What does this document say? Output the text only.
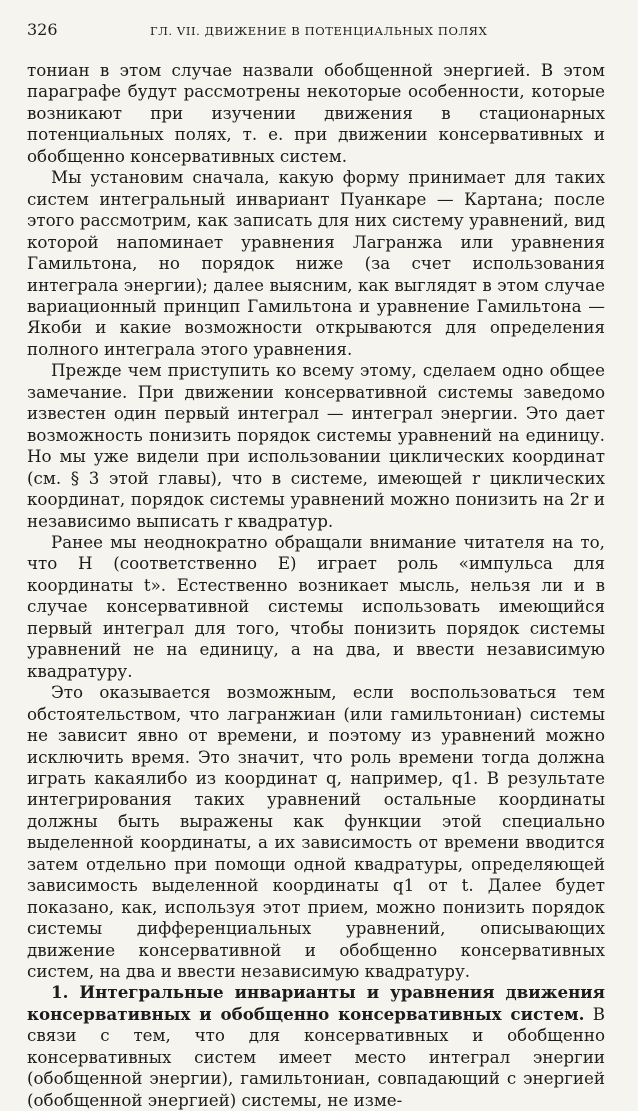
326	ГЛ. VII. ДВИЖЕНИЕ В ПОТЕНЦИАЛЬНЫХ ПОЛЯХ

тониан в этом случае назвали обобщенной энергией. В этом параграфе будут рассмотрены некоторые особенности, которые возникают при изучении движения в стационарных потенциальных полях, т. е. при движении консервативных и обобщенно консервативных систем.

Мы установим сначала, какую форму принимает для таких систем интегральный инвариант Пуанкаре — Картана; после этого рассмотрим, как записать для них систему уравнений, вид которой напоминает уравнения Лагранжа или уравнения Гамильтона, но порядок ниже (за счет использования интеграла энергии); далее выясним, как выглядят в этом случае вариационный принцип Гамильтона и уравнение Гамильтона — Якоби и какие возможности открываются для определения полного интеграла этого уравнения.

Прежде чем приступить ко всему этому, сделаем одно общее замечание. При движении консервативной системы заведомо известен один первый интеграл — интеграл энергии. Это дает возможность понизить порядок системы уравнений на единицу. Но мы уже видели при использовании циклических координат (см. § 3 этой главы), что в системе, имеющей r циклических координат, порядок системы уравнений можно понизить на 2r и независимо выписать r квадратур.

Ранее мы неоднократно обращали внимание читателя на то, что H (соответственно E) играет роль «импульса для координаты t». Естественно возникает мысль, нельзя ли и в случае консервативной системы использовать имеющийся первый интеграл для того, чтобы понизить порядок системы уравнений не на единицу, а на два, и ввести независимую квадратуру.

Это оказывается возможным, если воспользоваться тем обстоятельством, что лагранжиан (или гамильтониан) системы не зависит явно от времени, и поэтому из уравнений можно исключить время. Это значит, что роль времени тогда должна играть какаялибо из координат q, например, q1. В результате интегрирования таких уравнений остальные координаты должны быть выражены как функции этой специально выделенной координаты, а их зависимость от времени вводится затем отдельно при помощи одной квадратуры, определяющей зависимость выделенной координаты q1 от t. Далее будет показано, как, используя этот прием, можно понизить порядок системы дифференциальных уравнений, описывающих движение консервативной и обобщенно консервативных систем, на два и ввести независимую квадратуру.

1. Интегральные инварианты и уравнения движения консервативных и обобщенно консервативных систем. В связи с тем, что для консервативных и обобщенно консервативных систем имеет место интеграл энергии (обобщенной энергии), гамильтониан, совпадающий с энергией (обобщенной энергией) системы, не изме-
